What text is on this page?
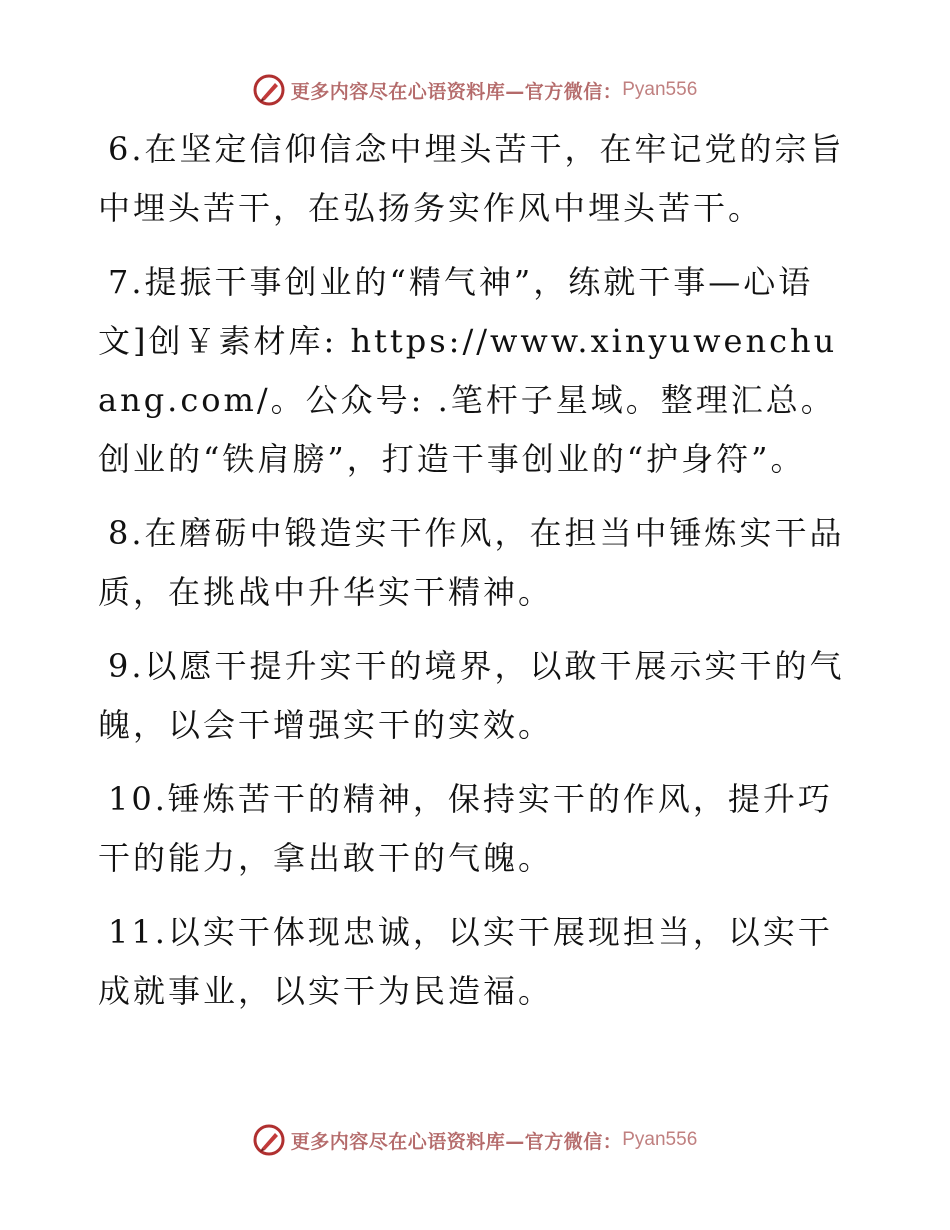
更多内容尽在心语资料库—官方微信： Pyan556

6.在坚定信仰信念中埋头苦干，在牢记党的宗旨中埋头苦干，在弘扬务实作风中埋头苦干。

7.提振干事创业的“精气神”，练就干事—心语文]创￥素材库: https://www.xinyuwenchuang.com/。公众号: .笔杆子星域。整理汇总。创业的“铁肩膀”，打造干事创业的“护身符”。

8.在磨砺中锻造实干作风，在担当中锤炼实干品质，在挑战中升华实干精神。

9.以愿干提升实干的境界，以敢干展示实干的气魄，以会干增强实干的实效。

10.锤炼苦干的精神，保持实干的作风，提升巧干的能力，拿出敢干的气魄。

11.以实干体现忠诚，以实干展现担当，以实干成就事业，以实干为民造福。

更多内容尽在心语资料库—官方微信： Pyan556
